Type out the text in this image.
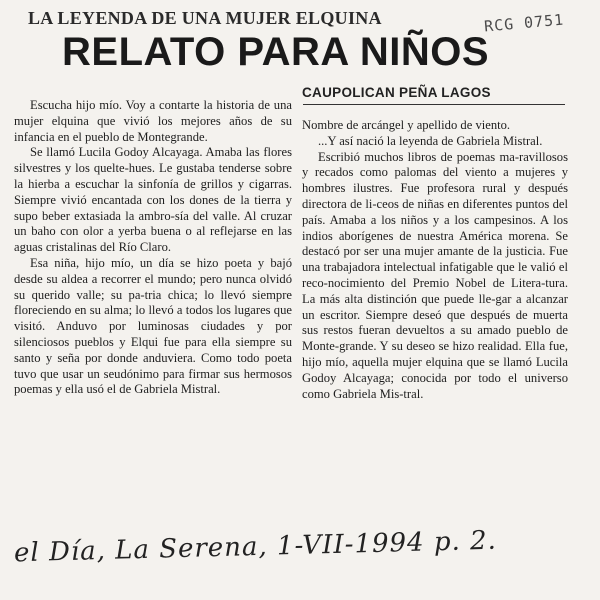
LA LEYENDA DE UNA MUJER ELQUINA
RELATO PARA NIÑOS
RCG 0751
CAUPOLICAN PEÑA LAGOS

Escucha hijo mío. Voy a contarte la historia de una mujer elquina que vivió los mejores años de su infancia en el pueblo de Montegrande.

Se llamó Lucila Godoy Alcayaga. Amaba las flores silvestres y los quelte-hues. Le gustaba tenderse sobre la hierba a escuchar la sinfonía de grillos y cigarras. Siempre vivió encantada con los dones de la tierra y supo beber extasiada la ambro-sía del valle. Al cruzar un baho con olor a yerba buena o al reflejarse en las aguas cristalinas del Río Claro.

Esa niña, hijo mío, un día se hizo poeta y bajó desde su aldea a recorrer el mundo; pero nunca olvidó su querido valle; su pa-tria chica; lo llevó siempre floreciendo en su alma; lo llevó a todos los lugares que visitó. Anduvo por luminosas ciudades y por silenciosos pueblos y Elqui fue para ella siempre su santo y seña por donde anduviera. Como todo poeta tuvo que usar un seudónimo para firmar sus hermosos poemas y ella usó el de Gabriela Mistral.

Nombre de arcángel y apellido de viento.

...Y así nació la leyenda de Gabriela Mistral.

Escribió muchos libros de poemas ma-ravillosos y recados como palomas del viento a mujeres y hombres ilustres. Fue profesora rural y después directora de li-ceos de niñas en diferentes puntos del país. Amaba a los niños y a los campesinos. A los indios aborígenes de nuestra América morena. Se destacó por ser una mujer amante de la justicia. Fue una trabajadora intelectual infatigable que le valió el reco-nocimiento del Premio Nobel de Litera-tura. La más alta distinción que puede lle-gar a alcanzar un escritor. Siempre deseó que después de muerta sus restos fueran devueltos a su amado pueblo de Monte-grande. Y su deseo se hizo realidad. Ella fue, hijo mío, aquella mujer elquina que se llamó Lucila Godoy Alcayaga; conocida por todo el universo como Gabriela Mis-tral.

el Día, La Serena, 1-VII-1994 p. 2.
